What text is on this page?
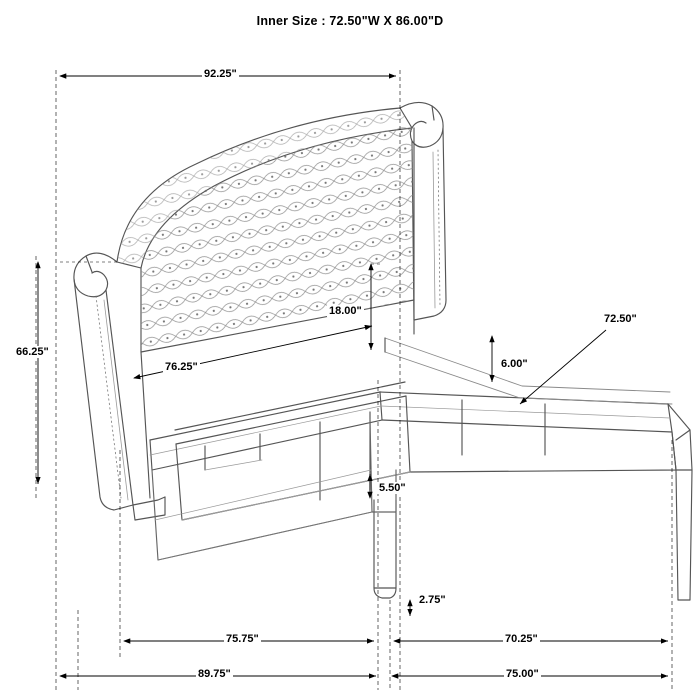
Inner Size : 72.50"W X 86.00"D
92.25"
66.25"
76.25"
18.00"
6.00"
5.50"
72.50"
2.75"
75.75"	70.25"
89.75"	75.00"
